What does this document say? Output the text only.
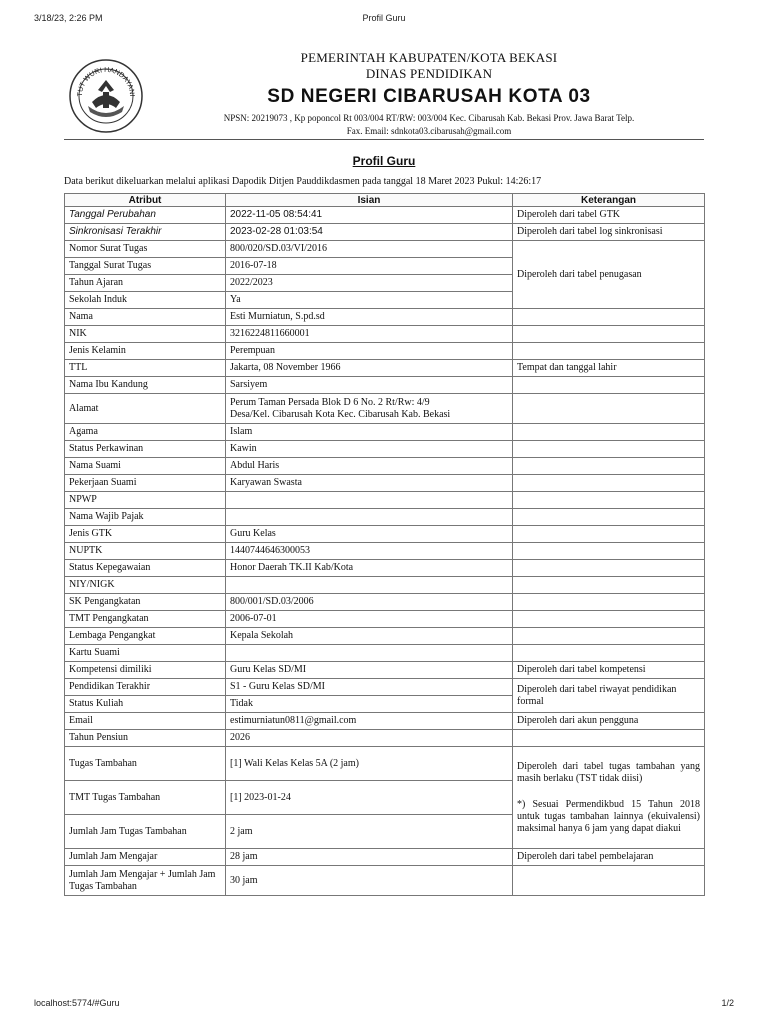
3/18/23, 2:26 PM	Profil Guru
TUT WURI HANDAYANI
PEMERINTAH KABUPATEN/KOTA BEKASI
DINAS PENDIDIKAN
SD NEGERI CIBARUSAH KOTA 03
NPSN: 20219073 , Kp poponcol Rt 003/004 RT/RW: 003/004 Kec. Cibarusah Kab. Bekasi Prov. Jawa Barat Telp.
Fax. Email: sdnkota03.cibarusah@gmail.com
Profil Guru
Data berikut dikeluarkan melalui aplikasi Dapodik Ditjen Pauddikdasmen pada tanggal 18 Maret 2023 Pukul: 14:26:17
Atribut	Isian	Keterangan
Tanggal Perubahan	2022-11-05 08:54:41	Diperoleh dari tabel GTK
Sinkronisasi Terakhir	2023-02-28 01:03:54	Diperoleh dari tabel log sinkronisasi
Nomor Surat Tugas	800/020/SD.03/VI/2016	Diperoleh dari tabel penugasan
Tanggal Surat Tugas	2016-07-18	
Tahun Ajaran	2022/2023	
Sekolah Induk	Ya	
Nama	Esti Murniatun, S.pd.sd	
NIK	3216224811660001	
Jenis Kelamin	Perempuan	
TTL	Jakarta, 08 November 1966	Tempat dan tanggal lahir
Nama Ibu Kandung	Sarsiyem	
Alamat	Perum Taman Persada Blok D 6 No. 2 Rt/Rw: 4/9
Desa/Kel. Cibarusah Kota Kec. Cibarusah Kab. Bekasi	

Agama	Islam	
Status Perkawinan	Kawin	
Nama Suami	Abdul Haris	
Pekerjaan Suami	Karyawan Swasta	
NPWP		
Nama Wajib Pajak		
Jenis GTK	Guru Kelas	
NUPTK	1440744646300053	
Status Kepegawaian	Honor Daerah TK.II Kab/Kota	
NIY/NIGK		
SK Pengangkatan	800/001/SD.03/2006	
TMT Pengangkatan	2006-07-01	
Lembaga Pengangkat	Kepala Sekolah	
Kartu Suami		
Kompetensi dimiliki	Guru Kelas SD/MI	Diperoleh dari tabel kompetensi
Pendidikan Terakhir	S1 - Guru Kelas SD/MI	Diperoleh dari tabel riwayat pendidikan formal
Status Kuliah	Tidak	
Email	estimurniatun0811@gmail.com	Diperoleh dari akun pengguna
Tahun Pensiun	2026	
Tugas Tambahan	[1] Wali Kelas Kelas 5A (2 jam)	Diperoleh dari tabel tugas tambahan yang masih berlaku (TST tidak diisi)
*) Sesuai Permendikbud 15 Tahun 2018 untuk tugas tambahan lainnya (ekuivalensi) maksimal hanya 6 jam yang dapat diakui

TMT Tugas Tambahan	[1] 2023-01-24	
Jumlah Jam Tugas Tambahan	2 jam	
Jumlah Jam Mengajar	28 jam	Diperoleh dari tabel pembelajaran
Jumlah Jam Mengajar + Jumlah Jam Tugas Tambahan	30 jam	
localhost:5774/#Guru	1/2
